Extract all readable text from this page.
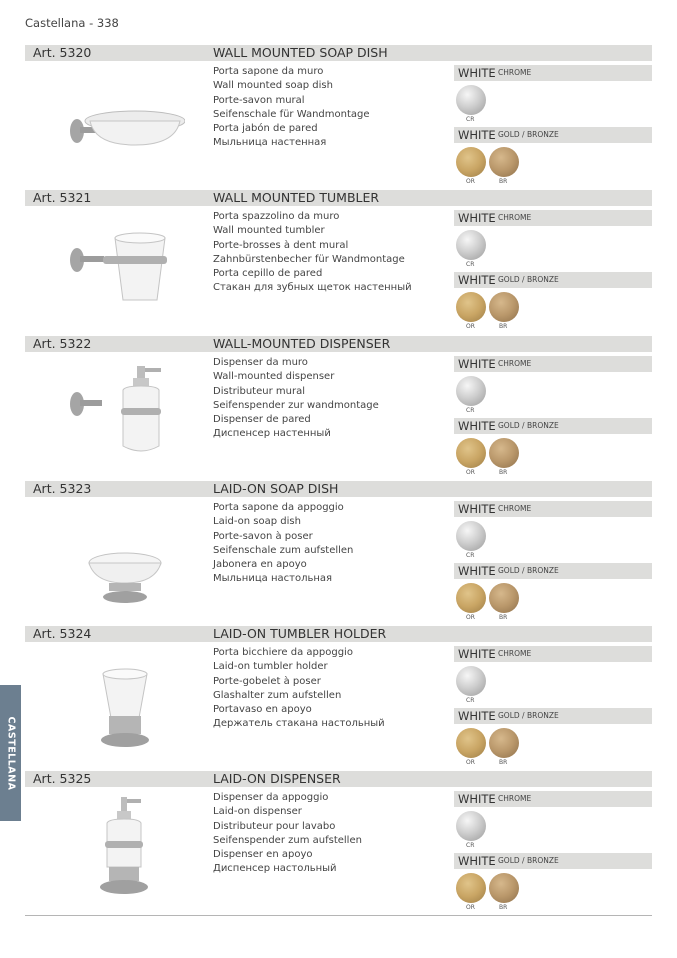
Castellana - 338
CASTELLANA
Art. 5320	WALL MOUNTED SOAP DISH
Porta sapone da muro
Wall mounted soap dish
Porte-savon mural
Seifenschale für Wandmontage
Porta jabón de pared
Мыльница настенная
WHITE CHROME
CR
WHITE GOLD / BRONZE
OR	BR
Art. 5321	WALL MOUNTED TUMBLER
Porta spazzolino da muro
Wall mounted tumbler
Porte-brosses à dent mural
Zahnbürstenbecher für Wandmontage
Porta cepillo de pared
Стакан для зубных щеток настенный
WHITE CHROME
CR
WHITE GOLD / BRONZE
OR	BR
Art. 5322	WALL-MOUNTED DISPENSER
Dispenser da muro
Wall-mounted dispenser
Distributeur mural
Seifenspender zur wandmontage
Dispenser de pared
Диспенсер настенный
WHITE CHROME
CR
WHITE GOLD / BRONZE
OR	BR
Art. 5323	LAID-ON SOAP DISH
Porta sapone da appoggio
Laid-on soap dish
Porte-savon à poser
Seifenschale zum aufstellen
Jabonera en apoyo
Мыльница настольная
WHITE CHROME
CR
WHITE GOLD / BRONZE
OR	BR
Art. 5324	LAID-ON TUMBLER HOLDER
Porta bicchiere da appoggio
Laid-on tumbler holder
Porte-gobelet à poser
Glashalter zum aufstellen
Portavaso en apoyo
Держатель стакана настольный
WHITE CHROME
CR
WHITE GOLD / BRONZE
OR	BR
Art. 5325	LAID-ON DISPENSER
Dispenser da appoggio
Laid-on dispenser
Distributeur pour lavabo
Seifenspender zum aufstellen
Dispenser en apoyo
Диспенсер настольный
WHITE CHROME
CR
WHITE GOLD / BRONZE
OR	BR
